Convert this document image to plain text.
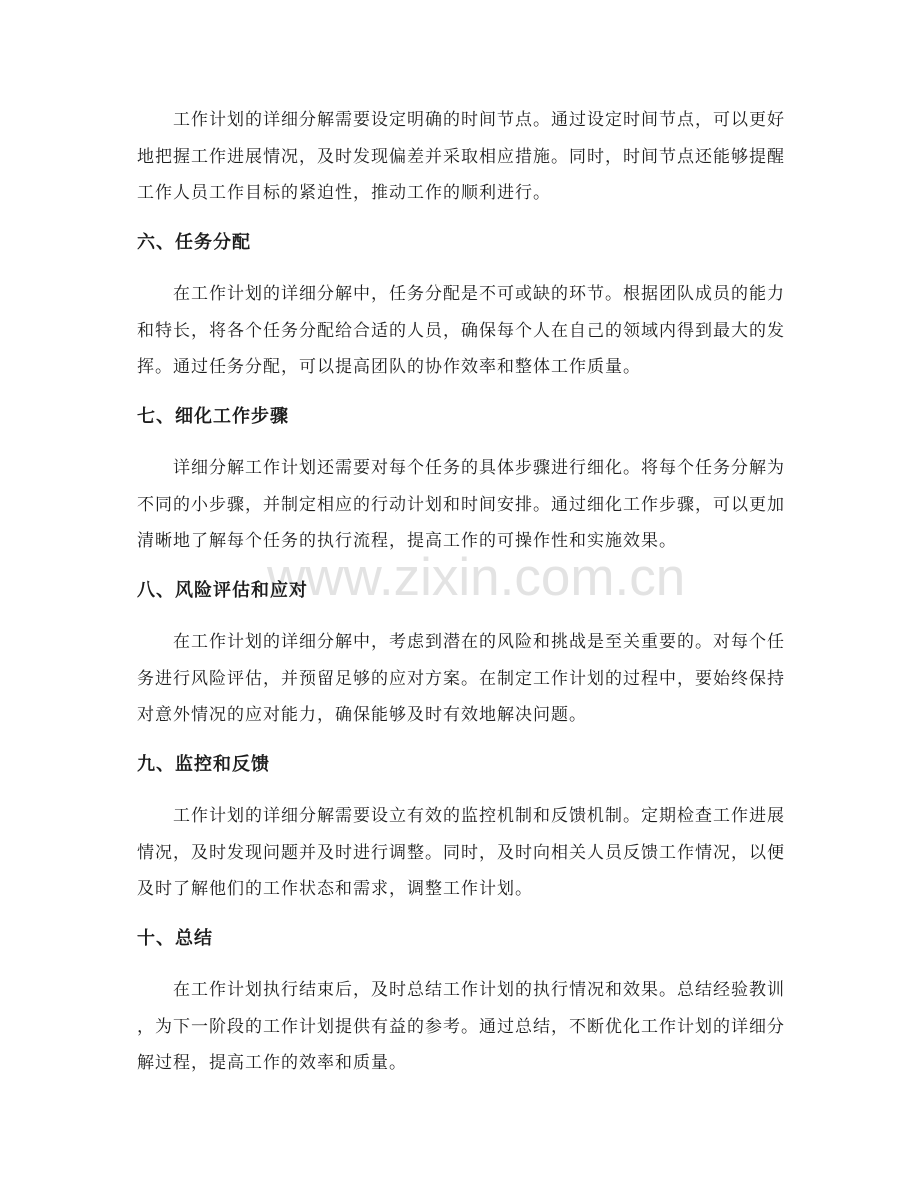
www.zixin.com.cn

工作计划的详细分解需要设定明确的时间节点。通过设定时间节点，可以更好
地把握工作进展情况，及时发现偏差并采取相应措施。同时，时间节点还能够提醒
工作人员工作目标的紧迫性，推动工作的顺利进行。

六、任务分配

在工作计划的详细分解中，任务分配是不可或缺的环节。根据团队成员的能力
和特长，将各个任务分配给合适的人员，确保每个人在自己的领域内得到最大的发
挥。通过任务分配，可以提高团队的协作效率和整体工作质量。

七、细化工作步骤

详细分解工作计划还需要对每个任务的具体步骤进行细化。将每个任务分解为
不同的小步骤，并制定相应的行动计划和时间安排。通过细化工作步骤，可以更加
清晰地了解每个任务的执行流程，提高工作的可操作性和实施效果。

八、风险评估和应对

在工作计划的详细分解中，考虑到潜在的风险和挑战是至关重要的。对每个任
务进行风险评估，并预留足够的应对方案。在制定工作计划的过程中，要始终保持
对意外情况的应对能力，确保能够及时有效地解决问题。

九、监控和反馈

工作计划的详细分解需要设立有效的监控机制和反馈机制。定期检查工作进展
情况，及时发现问题并及时进行调整。同时，及时向相关人员反馈工作情况，以便
及时了解他们的工作状态和需求，调整工作计划。

十、总结

在工作计划执行结束后，及时总结工作计划的执行情况和效果。总结经验教训
，为下一阶段的工作计划提供有益的参考。通过总结，不断优化工作计划的详细分
解过程，提高工作的效率和质量。
